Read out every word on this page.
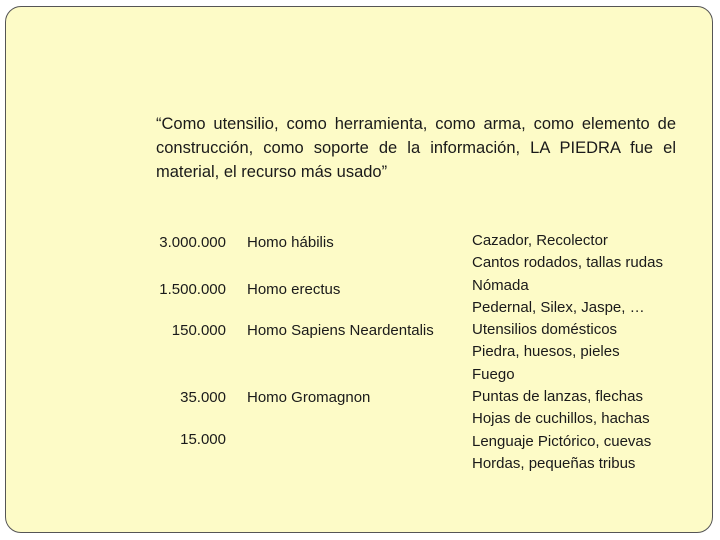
“Como utensilio, como herramienta, como arma, como elemento de construcción, como soporte de la información, LA PIEDRA fue el material, el recurso más usado”
3.000.000
1.500.000
150.000
35.000
15.000
Homo hábilis
Homo erectus
Homo Sapiens Neardentalis
Homo Gromagnon
Cazador, Recolector
Cantos rodados, tallas rudas
Nómada
Pedernal, Silex, Jaspe, …
Utensilios domésticos
Piedra, huesos, pieles
Fuego
Puntas de lanzas, flechas
Hojas de cuchillos, hachas
Lenguaje Pictórico, cuevas
Hordas, pequeñas tribus
